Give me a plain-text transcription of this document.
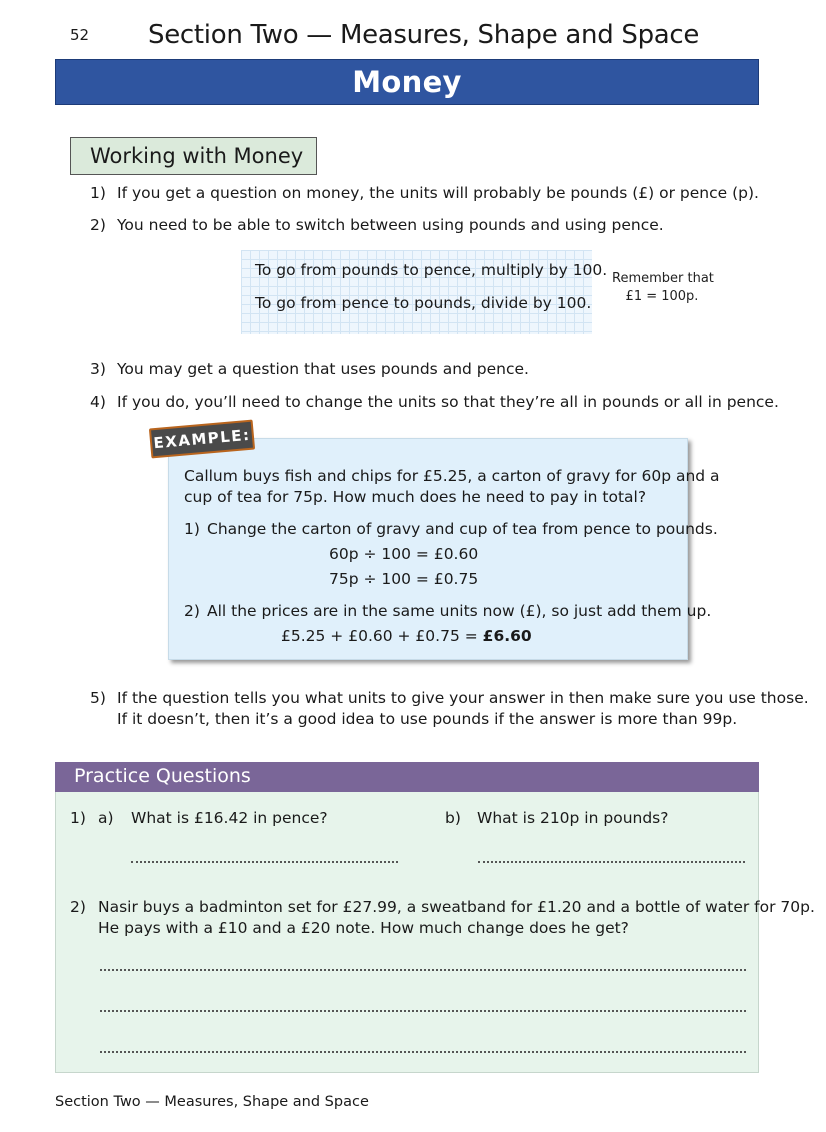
52 Section Two — Measures, Shape and Space
Money
Working with Money
1) If you get a question on money, the units will probably be pounds (£) or pence (p).
2) You need to be able to switch between using pounds and using pence.
To go from pounds to pence, multiply by 100.
To go from pence to pounds, divide by 100.
Remember that
£1 = 100p.
3) You may get a question that uses pounds and pence.
4) If you do, you’ll need to change the units so that they’re all in pounds or all in pence.
Callum buys fish and chips for £5.25, a carton of gravy for 60p and a
cup of tea for 75p. How much does he need to pay in total?
1) Change the carton of gravy and cup of tea from pence to pounds.
60p ÷ 100 = £0.60
75p ÷ 100 = £0.75
2) All the prices are in the same units now (£), so just add them up.
£5.25 + £0.60 + £0.75 = £6.60
EXAMPLE:
5) If the question tells you what units to give your answer in then make sure you use those.
If it doesn’t, then it’s a good idea to use pounds if the answer is more than 99p.
Practice Questions
1) a) What is £16.42 in pence?	b) What is 210p in pounds?
2) Nasir buys a badminton set for £27.99, a sweatband for £1.20 and a bottle of water for 70p.
He pays with a £10 and a £20 note. How much change does he get?
Section Two — Measures, Shape and Space
